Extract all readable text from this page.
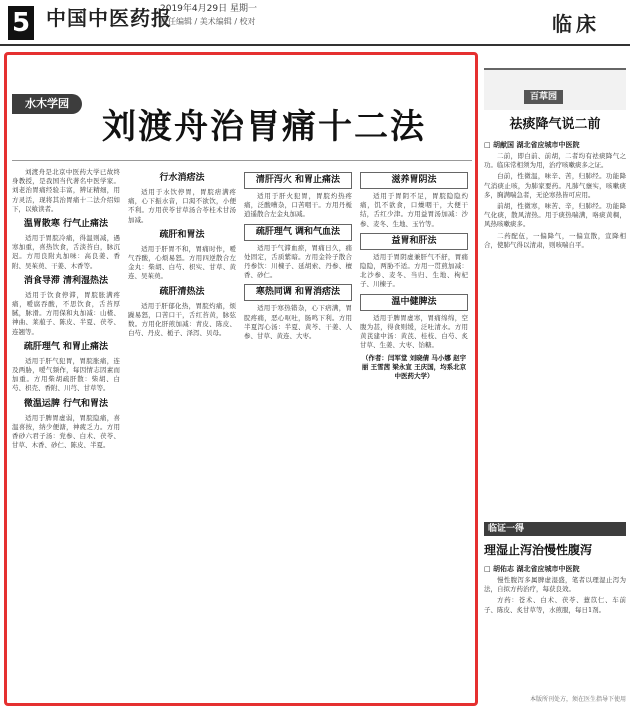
5 中国中医药报
2019年4月29日 星期一
责任编辑 / 美术编辑 / 校对	临床
水木学园
刘渡舟治胃痛十二法

刘渡舟是北京中医药大学已故终身教授，是我国当代著名中医学家。刘老治胃痛经验丰富，辨证精细，用方灵活，现将其治胃痛十二法介绍如下，以飨读者。

温胃散寒 行气止痛法

适用于胃脘冷痛，得温则减，遇寒加重，喜热饮食，舌淡苔白，脉沉迟。方用良附丸加味：高良姜、香附、吴茱萸、干姜、木香等。

消食导滞 清利湿热法

适用于饮食停滞，胃脘胀满疼痛，嗳腐吞酸，不思饮食，舌苔厚腻，脉滑。方用保和丸加减：山楂、神曲、莱菔子、陈皮、半夏、茯苓、连翘等。

疏肝理气 和胃止痛法

适用于肝气犯胃，胃脘胀痛，连及两胁，嗳气频作，每因情志因素而加重。方用柴胡疏肝散：柴胡、白芍、枳壳、香附、川芎、甘草等。

微温运脾 行气和胃法

适用于脾胃虚弱，胃脘隐痛，喜温喜按，纳少便溏，神疲乏力。方用香砂六君子汤：党参、白术、茯苓、甘草、木香、砂仁、陈皮、半夏。

行水消痞法

适用于水饮停胃，胃脘痞满疼痛，心下振水音，口渴不欲饮，小便不利。方用茯苓甘草汤合苓桂术甘汤加减。

疏肝和胃法

适用于肝胃不和，胃痛时作，嗳气吞酸，心烦易怒。方用四逆散合左金丸：柴胡、白芍、枳实、甘草、黄连、吴茱萸。

疏肝清热法

适用于肝郁化热，胃脘灼痛，烦躁易怒，口苦口干，舌红苔黄，脉弦数。方用化肝煎加减：青皮、陈皮、白芍、丹皮、栀子、泽泻、贝母。

清肝泻火 和胃止痛法

适用于肝火犯胃，胃脘灼热疼痛，泛酸嘈杂，口苦咽干。方用丹栀逍遥散合左金丸加减。

疏肝理气 调和气血法

适用于气滞血瘀，胃痛日久，痛处固定，舌质紫暗。方用金铃子散合丹参饮：川楝子、延胡索、丹参、檀香、砂仁。

寒热同调 和胃消痞法

适用于寒热错杂，心下痞满，胃脘疼痛，恶心呕吐，肠鸣下利。方用半夏泻心汤：半夏、黄芩、干姜、人参、甘草、黄连、大枣。

滋养胃阴法

适用于胃阴不足，胃脘隐隐灼痛，饥不欲食，口燥咽干，大便干结，舌红少津。方用益胃汤加减：沙参、麦冬、生地、玉竹等。

益胃和肝法

适用于胃阴虚兼肝气不舒，胃痛隐隐，两胁不适。方用一贯煎加减：北沙参、麦冬、当归、生地、枸杞子、川楝子。

温中健脾法

适用于脾胃虚寒，胃痛绵绵，空腹为甚，得食则缓，泛吐清水。方用黄芪建中汤：黄芪、桂枝、白芍、炙甘草、生姜、大枣、饴糖。

（作者：闫军堂 刘晓倩 马小娜 赵宇丽 王雪茜 梁永宣 王庆国，均系北京中医药大学）
百草园
祛痰降气说二前
□ 胡献国 湖北省应城市中医院

二前，即白前、前胡，二者均有祛痰降气之功。临床常相须为用，治疗咳嗽痰多之证。

白前，性微温，味辛、苦，归肺经。功能降气消痰止咳，为肺家要药。凡肺气壅实，咳嗽痰多，胸满喘急者，无论寒热皆可应用。

前胡，性微寒，味苦、辛，归肺经。功能降气化痰，散风清热。用于痰热喘满，咯痰黄稠，风热咳嗽痰多。

二药配伍，一偏降气，一偏宣散，宣降相合，使肺气得以清肃，则咳喘自平。

临证一得
理湿止泻治慢性腹泻
□ 胡佑志 湖北省应城市中医院

慢性腹泻多属脾虚湿盛，笔者以理湿止泻为法，自拟方药治疗，每获良效。

方药：苍术、白术、茯苓、薏苡仁、车前子、陈皮、炙甘草等，水煎服，每日1剂。

本版所刊处方，须在医生指导下使用
